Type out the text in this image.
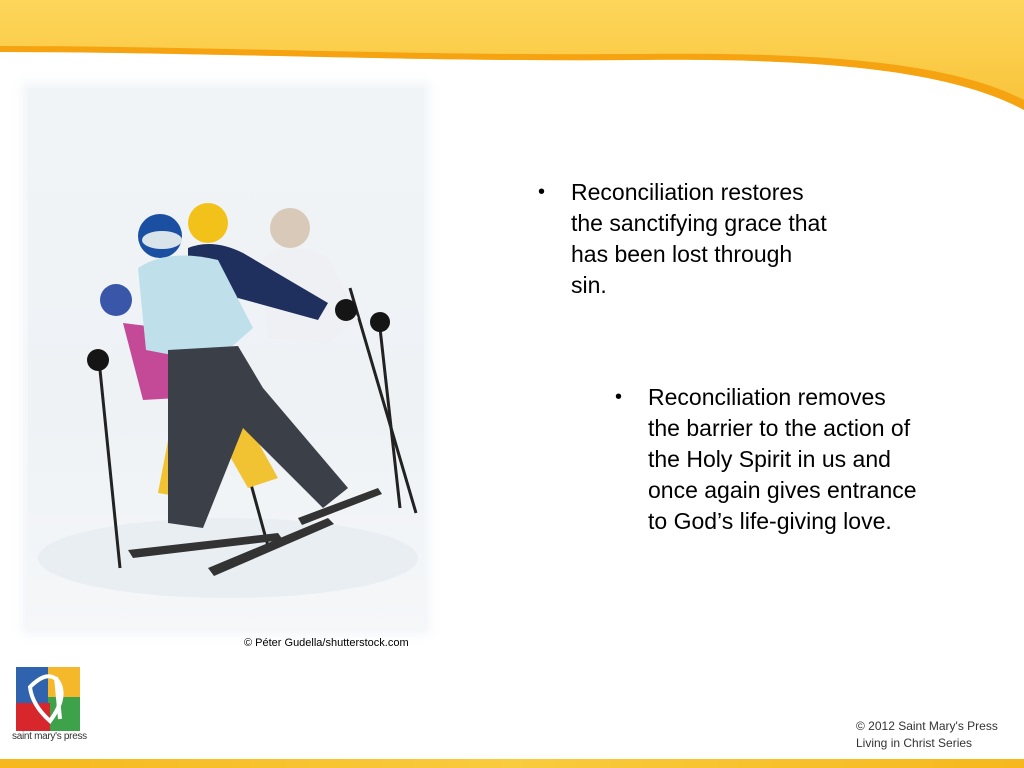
© Péter Gudella/shutterstock.com
• Reconciliation restores the sanctifying grace that has been lost through sin.
• Reconciliation removes the barrier to the action of the Holy Spirit in us and once again gives entrance to God’s life-giving love.
saint mary's press
© 2012 Saint Mary's Press
Living in Christ Series
